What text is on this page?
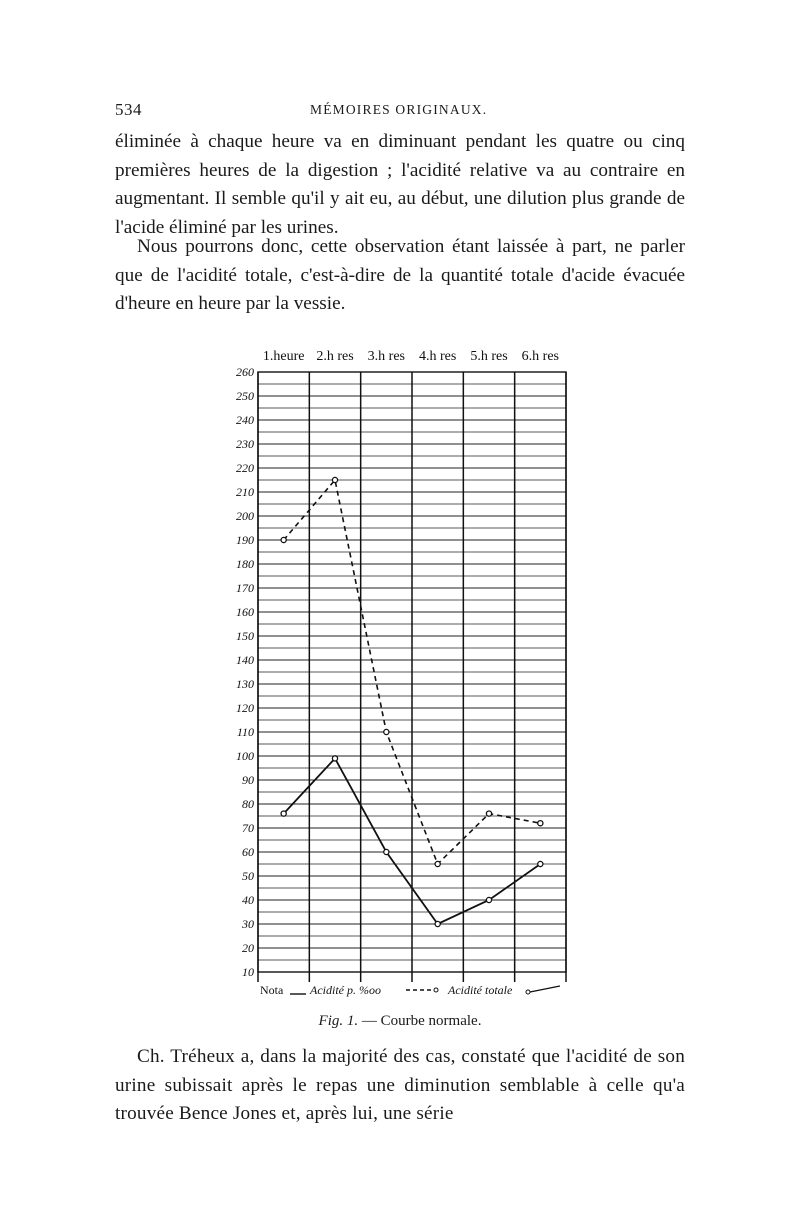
534	MÉMOIRES ORIGINAUX.
éliminée à chaque heure va en diminuant pendant les quatre ou cinq premières heures de la digestion ; l'acidité relative va au contraire en augmentant. Il semble qu'il y ait eu, au début, une dilution plus grande de l'acide éliminé par les urines.
Nous pourrons donc, cette observation étant laissée à part, ne parler que de l'acidité totale, c'est-à-dire de la quantité totale d'acide évacuée d'heure en heure par la vessie.
260
250
240
230
220
210
200
190
180
170
160
150
140
130
120
110
100
90
80
70
60
50
40
30
20
10
1.heure 2.h res 3.h res 4.h res 5.h res 6.h res
Nota Acidité p. %oo	Acidité totale
Fig. 1. — Courbe normale.
Ch. Tréheux a, dans la majorité des cas, constaté que l'acidité de son urine subissait après le repas une diminution semblable à celle qu'a trouvée Bence Jones et, après lui, une série
